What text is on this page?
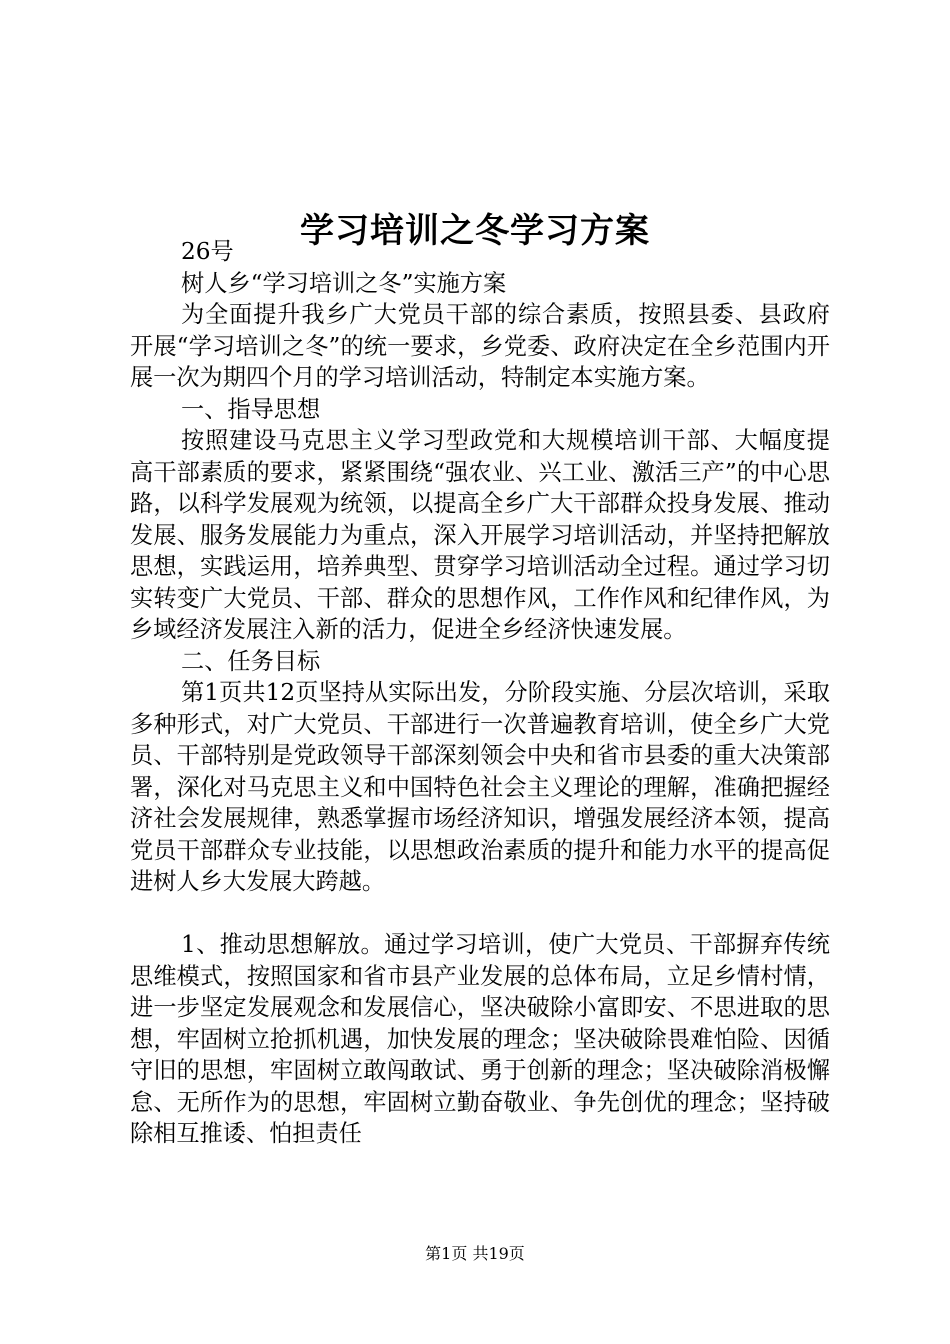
学习培训之冬学习方案

26号

树人乡“学习培训之冬”实施方案

为全面提升我乡广大党员干部的综合素质，按照县委、县政府开展“学习培训之冬”的统一要求，乡党委、政府决定在全乡范围内开展一次为期四个月的学习培训活动，特制定本实施方案。

一、指导思想

按照建设马克思主义学习型政党和大规模培训干部、大幅度提高干部素质的要求，紧紧围绕“强农业、兴工业、激活三产”的中心思路，以科学发展观为统领，以提高全乡广大干部群众投身发展、推动发展、服务发展能力为重点，深入开展学习培训活动，并坚持把解放思想，实践运用，培养典型、贯穿学习培训活动全过程。通过学习切实转变广大党员、干部、群众的思想作风，工作作风和纪律作风，为乡域经济发展注入新的活力，促进全乡经济快速发展。

二、任务目标

第1页共12页坚持从实际出发，分阶段实施、分层次培训，采取多种形式，对广大党员、干部进行一次普遍教育培训，使全乡广大党员、干部特别是党政领导干部深刻领会中央和省市县委的重大决策部署，深化对马克思主义和中国特色社会主义理论的理解，准确把握经济社会发展规律，熟悉掌握市场经济知识，增强发展经济本领，提高党员干部群众专业技能，以思想政治素质的提升和能力水平的提高促进树人乡大发展大跨越。

1、推动思想解放。通过学习培训，使广大党员、干部摒弃传统思维模式，按照国家和省市县产业发展的总体布局，立足乡情村情，进一步坚定发展观念和发展信心，坚决破除小富即安、不思进取的思想，牢固树立抢抓机遇，加快发展的理念；坚决破除畏难怕险、因循守旧的思想，牢固树立敢闯敢试、勇于创新的理念；坚决破除消极懈怠、无所作为的思想，牢固树立勤奋敬业、争先创优的理念；坚持破除相互推诿、怕担责任

第1页 共19页
